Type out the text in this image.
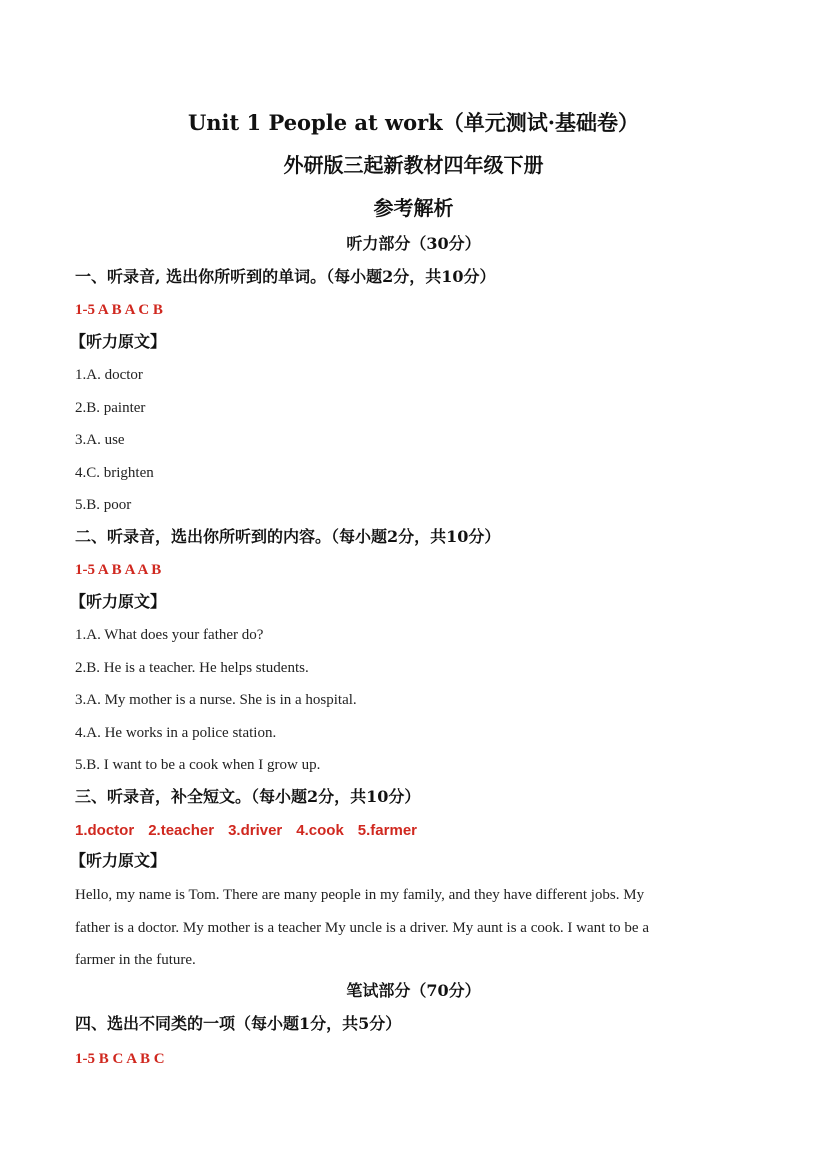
Unit 1 People at work（单元测试·基础卷）
外研版三起新教材四年级下册
参考解析
听力部分（30分）
一、听录音, 选出你所听到的单词。（每小题2分，共10分）
1-5 A B A C B
【听力原文】
1.A. doctor
2.B. painter
3.A. use
4.C. brighten
5.B. poor
二、听录音，选出你所听到的内容。（每小题2分，共10分）
1-5 A B A A B
【听力原文】
1.A. What does your father do?
2.B. He is a teacher. He helps students.
3.A. My mother is a nurse. She is in a hospital.
4.A. He works in a police station.
5.B. I want to be a cook when I grow up.
三、听录音，补全短文。（每小题2分，共10分）
1.doctor 2.teacher 3.driver 4.cook 5.farmer
【听力原文】
Hello, my name is Tom. There are many people in my family, and they have different jobs. My
father is a doctor. My mother is a teacher My uncle is a driver. My aunt is a cook. I want to be a
farmer in the future.
笔试部分（70分）
四、选出不同类的一项（每小题1分，共5分）
1-5 B C A B C
